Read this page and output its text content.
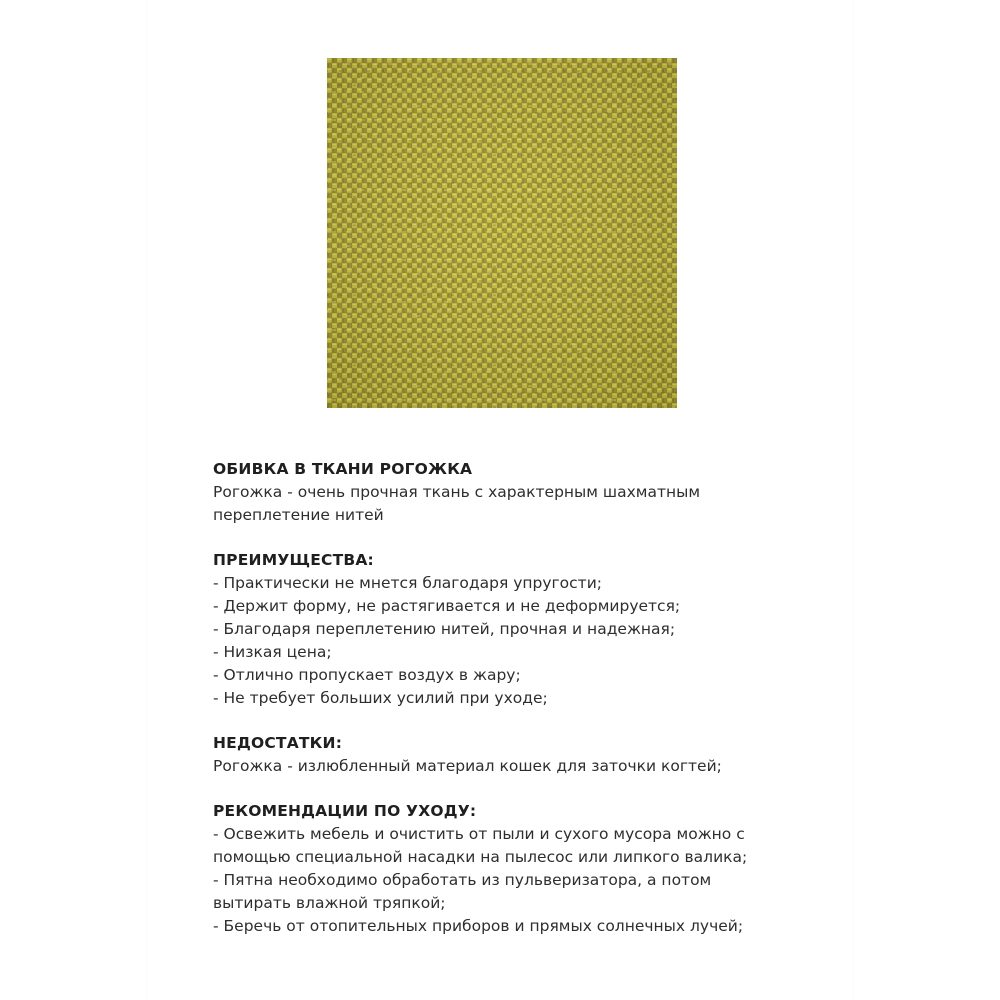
ОБИВКА В ТКАНИ РОГОЖКА

Рогожка - очень прочная ткань с характерным шахматным

переплетение нитей

ПРЕИМУЩЕСТВА:

- Практически не мнется благодаря упругости;

- Держит форму, не растягивается и не деформируется;

- Благодаря переплетению нитей, прочная и надежная;

- Низкая цена;

- Отлично пропускает воздух в жару;

- Не требует больших усилий при уходе;

НЕДОСТАТКИ:

Рогожка - излюбленный материал кошек для заточки когтей;

РЕКОМЕНДАЦИИ ПО УХОДУ:

- Освежить мебель и очистить от пыли и сухого мусора можно с

помощью специальной насадки на пылесос или липкого валика;

- Пятна необходимо обработать из пульверизатора, а потом

вытирать влажной тряпкой;

- Беречь от отопительных приборов и прямых солнечных лучей;
